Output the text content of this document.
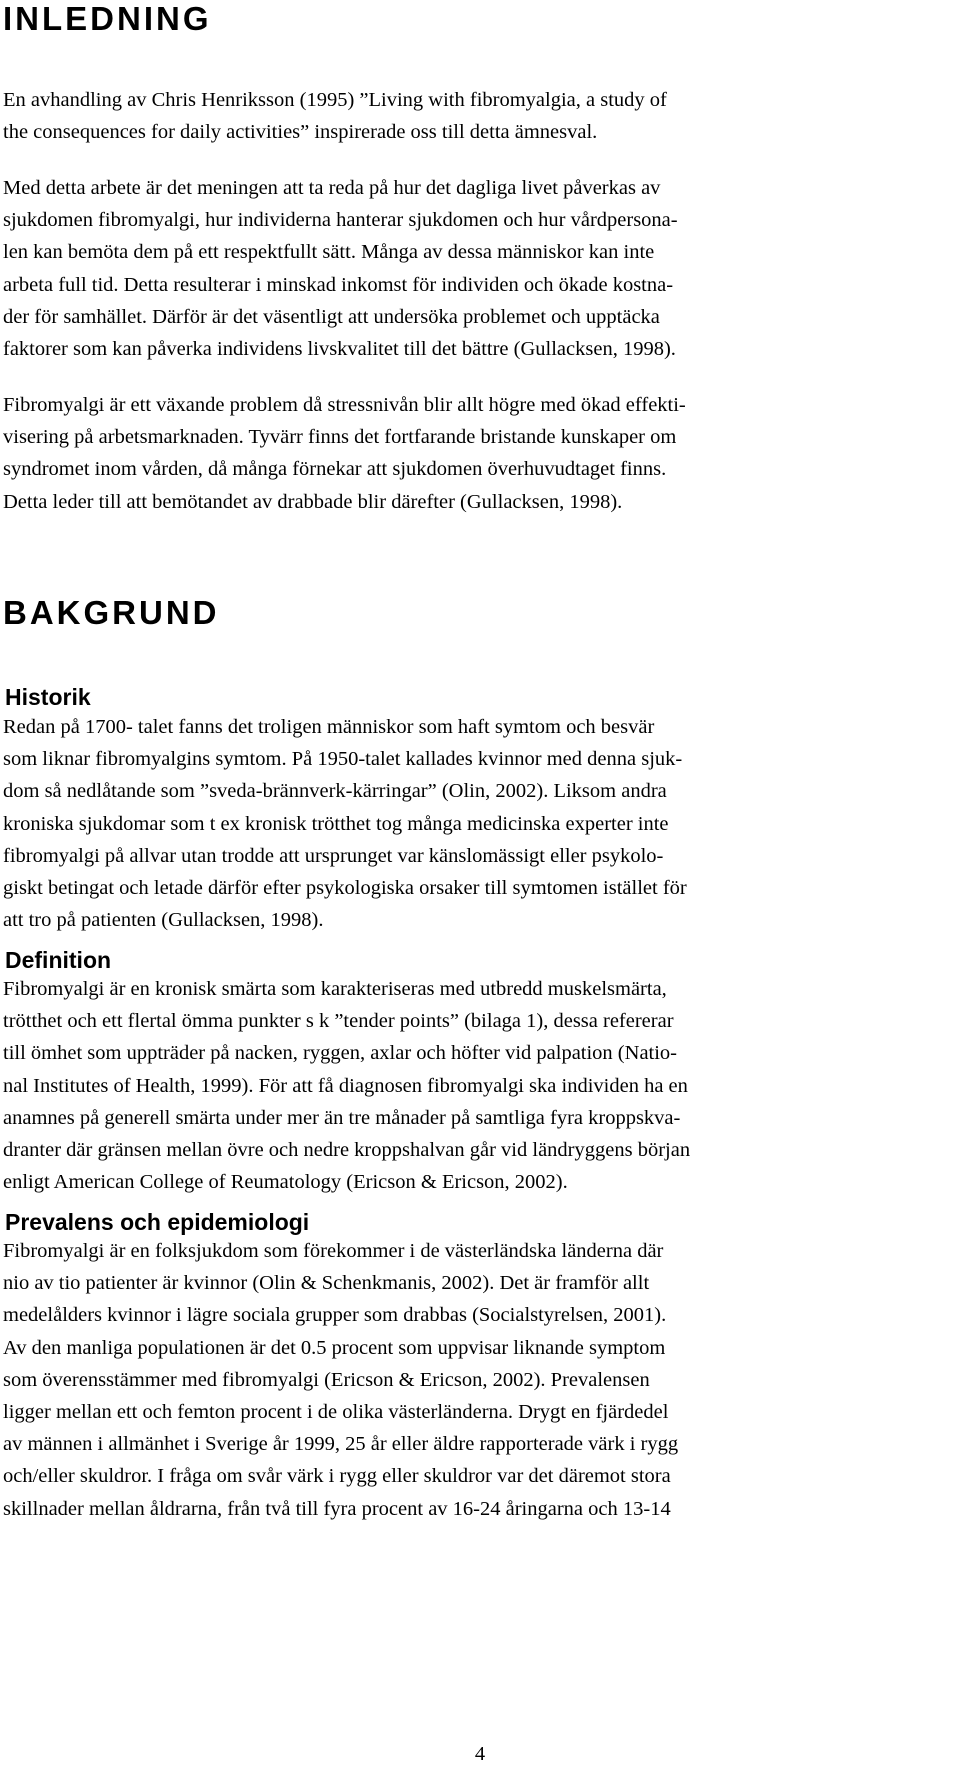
INLEDNING

En avhandling av Chris Henriksson (1995) ”Living with fibromyalgia, a study of
the consequences for daily activities” inspirerade oss till detta ämnesval.

Med detta arbete är det meningen att ta reda på hur det dagliga livet påverkas av
sjukdomen fibromyalgi, hur individerna hanterar sjukdomen och hur vårdpersona-
len kan bemöta dem på ett respektfullt sätt. Många av dessa människor kan inte
arbeta full tid. Detta resulterar i minskad inkomst för individen och ökade kostna-
der för samhället. Därför är det väsentligt att undersöka problemet och upptäcka
faktorer som kan påverka individens livskvalitet till det bättre (Gullacksen, 1998).

Fibromyalgi är ett växande problem då stressnivån blir allt högre med ökad effekti-
visering på arbetsmarknaden. Tyvärr finns det fortfarande bristande kunskaper om
syndromet inom vården, då många förnekar att sjukdomen överhuvudtaget finns.
Detta leder till att bemötandet av drabbade blir därefter (Gullacksen, 1998).

BAKGRUND
Historik

Redan på 1700- talet fanns det troligen människor som haft symtom och besvär
som liknar fibromyalgins symtom. På 1950-talet kallades kvinnor med denna sjuk-
dom så nedlåtande som ”sveda-brännverk-kärringar” (Olin, 2002). Liksom andra
kroniska sjukdomar som t ex kronisk trötthet tog många medicinska experter inte
fibromyalgi på allvar utan trodde att ursprunget var känslomässigt eller psykolo-
giskt betingat och letade därför efter psykologiska orsaker till symtomen istället för
att tro på patienten (Gullacksen, 1998).

Definition

Fibromyalgi är en kronisk smärta som karakteriseras med utbredd muskelsmärta,
trötthet och ett flertal ömma punkter s k ”tender points” (bilaga 1), dessa refererar
till ömhet som uppträder på nacken, ryggen, axlar och höfter vid palpation (Natio-
nal Institutes of Health, 1999). För att få diagnosen fibromyalgi ska individen ha en
anamnes på generell smärta under mer än tre månader på samtliga fyra kroppskva-
dranter där gränsen mellan övre och nedre kroppshalvan går vid ländryggens början
enligt American College of Reumatology (Ericson & Ericson, 2002).

Prevalens och epidemiologi

Fibromyalgi är en folksjukdom som förekommer i de västerländska länderna där
nio av tio patienter är kvinnor (Olin & Schenkmanis, 2002). Det är framför allt
medelålders kvinnor i lägre sociala grupper som drabbas (Socialstyrelsen, 2001).
Av den manliga populationen är det 0.5 procent som uppvisar liknande symptom
som överensstämmer med fibromyalgi (Ericson & Ericson, 2002). Prevalensen
ligger mellan ett och femton procent i de olika västerländerna. Drygt en fjärdedel
av männen i allmänhet i Sverige år 1999, 25 år eller äldre rapporterade värk i rygg
och/eller skuldror. I fråga om svår värk i rygg eller skuldror var det däremot stora
skillnader mellan åldrarna, från två till fyra procent av 16-24 åringarna och 13-14

4
